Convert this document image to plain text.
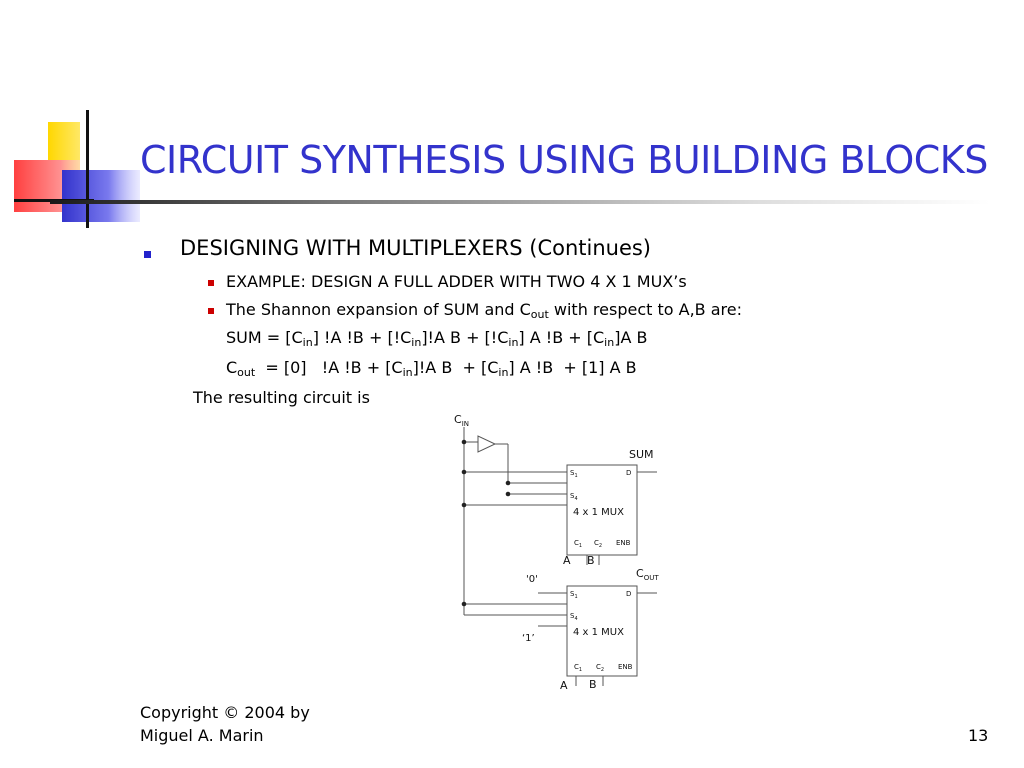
CIRCUIT SYNTHESIS USING BUILDING BLOCKS
DESIGNING WITH MULTIPLEXERS (Continues)
EXAMPLE: DESIGN A FULL ADDER WITH TWO 4 X 1 MUX’s
The Shannon expansion of SUM and $C_{out}$ with respect to A,B are:
SUM = $[C_{in}]$ !A $!B + [!C_{in}]!A$ $B + [!C_{in}]$ A $!B + [C_{in}]A$ B
$C_{out} = [0]$   !A $!B + [C_{in}]!A$ $B + [C_{in}]$ A !B  + [1] A B
The resulting circuit is
$C_{IN}$
SUM
$C_{OUT}$
$S_1$
$S_4$
D
4 x 1 MUX
$C_1$ $C_2$ ENB
A B
'0'
‘1’
$S_1$
$S_4$
D
4 x 1 MUX
$C_1$ $C_2$ ENB
A B
Copyright © 2004 by
Miguel A. Marin	13
